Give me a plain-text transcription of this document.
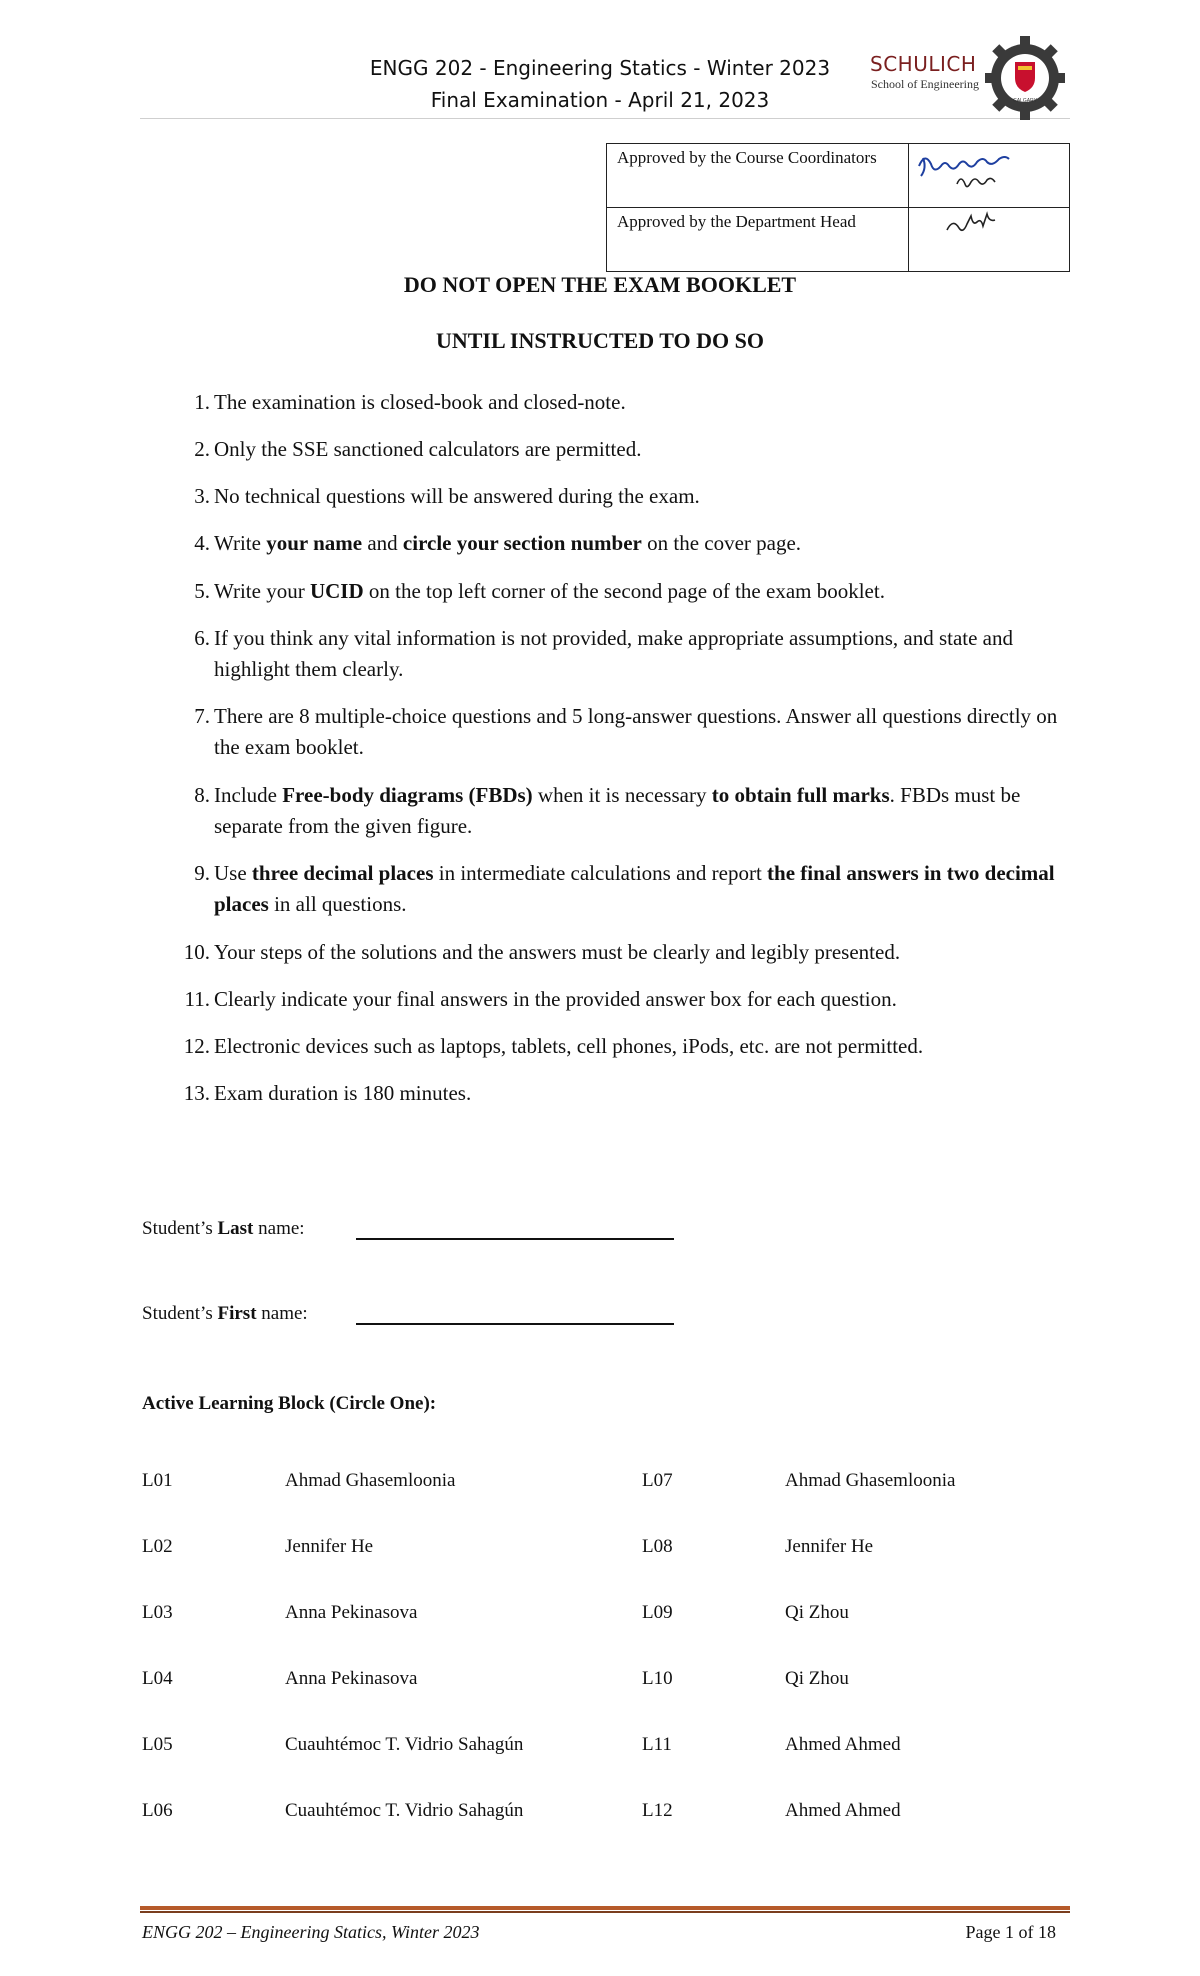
ENGG 202 - Engineering Statics - Winter 2023
Final Examination - April 21, 2023
SCHULICH
School of Engineering
CALGARY
Approved by the Course Coordinators	

Approved by the Department Head	
DO NOT OPEN THE EXAM BOOKLET
UNTIL INSTRUCTED TO DO SO
1. The examination is closed-book and closed-note.
2. Only the SSE sanctioned calculators are permitted.
3. No technical questions will be answered during the exam.
4. Write your name and circle your section number on the cover page.
5. Write your UCID on the top left corner of the second page of the exam booklet.
6. If you think any vital information is not provided, make appropriate assumptions, and state and highlight them clearly.
7. There are 8 multiple-choice questions and 5 long-answer questions. Answer all questions directly on the exam booklet.
8. Include Free-body diagrams (FBDs) when it is necessary to obtain full marks. FBDs must be separate from the given figure.
9. Use three decimal places in intermediate calculations and report the final answers in two decimal places in all questions.
10. Your steps of the solutions and the answers must be clearly and legibly presented.
11. Clearly indicate your final answers in the provided answer box for each question.
12. Electronic devices such as laptops, tablets, cell phones, iPods, etc. are not permitted.
13. Exam duration is 180 minutes.
Student’s Last name:
Student’s First name:
Active Learning Block (Circle One):
L01	Ahmad Ghasemloonia	L07	Ahmad Ghasemloonia
L02	Jennifer He	L08	Jennifer He
L03	Anna Pekinasova	L09	Qi Zhou
L04	Anna Pekinasova	L10	Qi Zhou
L05	Cuauhtémoc T. Vidrio Sahagún	L11	Ahmed Ahmed
L06	Cuauhtémoc T. Vidrio Sahagún	L12	Ahmed Ahmed
ENGG 202 – Engineering Statics, Winter 2023	Page 1 of 18
